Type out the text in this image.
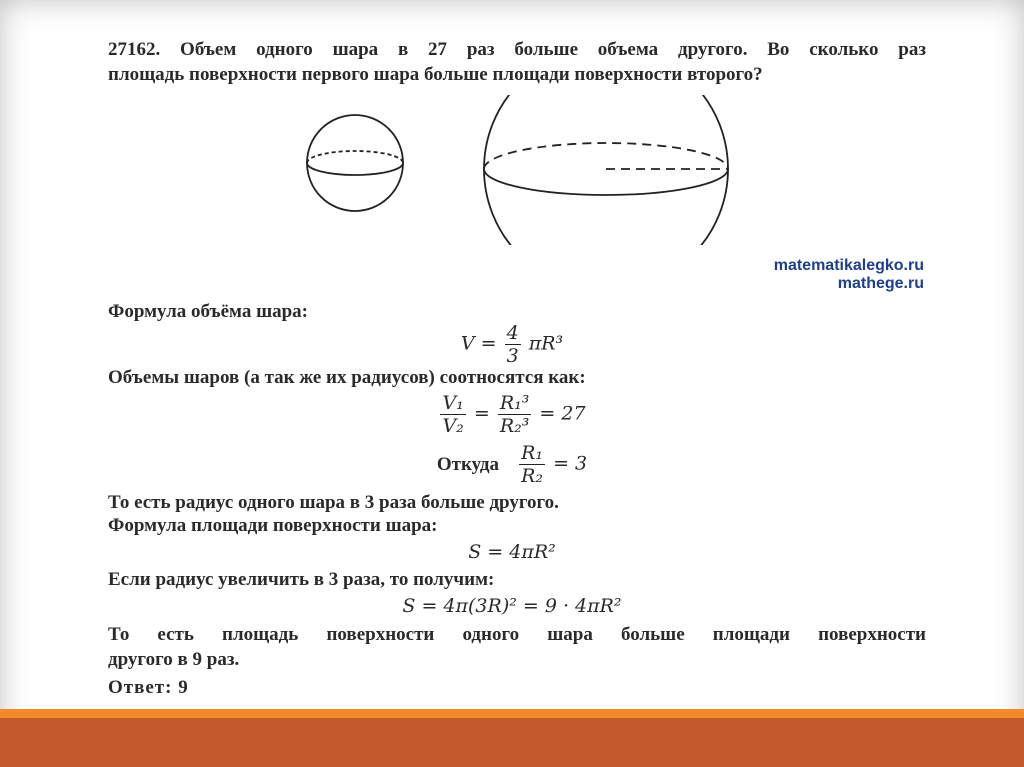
27162. Объем одного шара в 27 раз больше объема другого. Во сколько раз
площадь поверхности первого шара больше площади поверхности второго?
matematikalegko.ru
mathege.ru
Формула объёма шара:
$V = \frac{4}{3} \pi R^3$
Объемы шаров (а так же их радиусов) соотносятся как:
$\frac{\text{V₁}}{\text{V₂}} = \frac{\text{R₁³}}{\text{R₂³}} = 27$
Откуда $\frac{\text{R₁}}{\text{R₂}} = 3$
То есть радиус одного шара в 3 раза больше другого.
Формула площади поверхности шара:
S = 4πR²
Если радиус увеличить в 3 раза, то получим:
S = 4π(3R)² = 9 · 4πR²
То есть площадь поверхности одного шара больше площади поверхности
другого в 9 раз.
Ответ: 9
